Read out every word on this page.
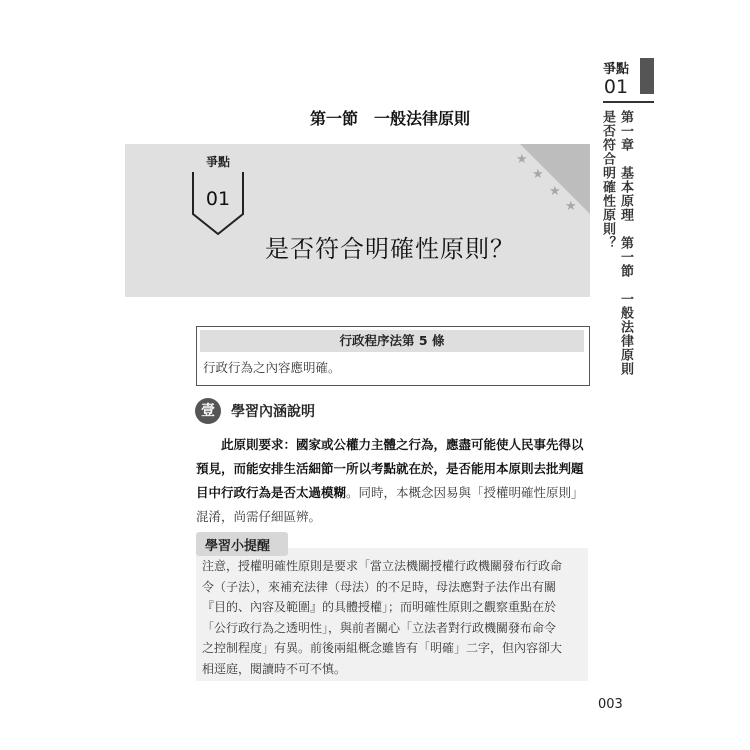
爭點
01
第一章　基本原理　第一節　一般法律原則
是否符合明確性原則？
第一節　一般法律原則
★
★
★
★
爭點
01
是否符合明確性原則？
行政程序法第 5 條
行政行為之內容應明確。
壹	學習內涵說明

此原則要求：國家或公權力主體之行為，應盡可能使人民事先得以

預見，而能安排生活細節一所以考點就在於，是否能用本原則去批判題

目中行政行為是否太過模糊。同時，本概念因易與「授權明確性原則」

混淆，尚需仔細區辨。

學習小提醒

注意，授權明確性原則是要求「當立法機關授權行政機關發布行政命

令（子法），來補充法律（母法）的不足時，母法應對子法作出有關

『目的、內容及範圍』的具體授權」；而明確性原則之觀察重點在於

「公行政行為之透明性」，與前者關心「立法者對行政機關發布命令

之控制程度」有異。前後兩組概念雖皆有「明確」二字，但內容卻大

相逕庭，閱讀時不可不慎。

003
